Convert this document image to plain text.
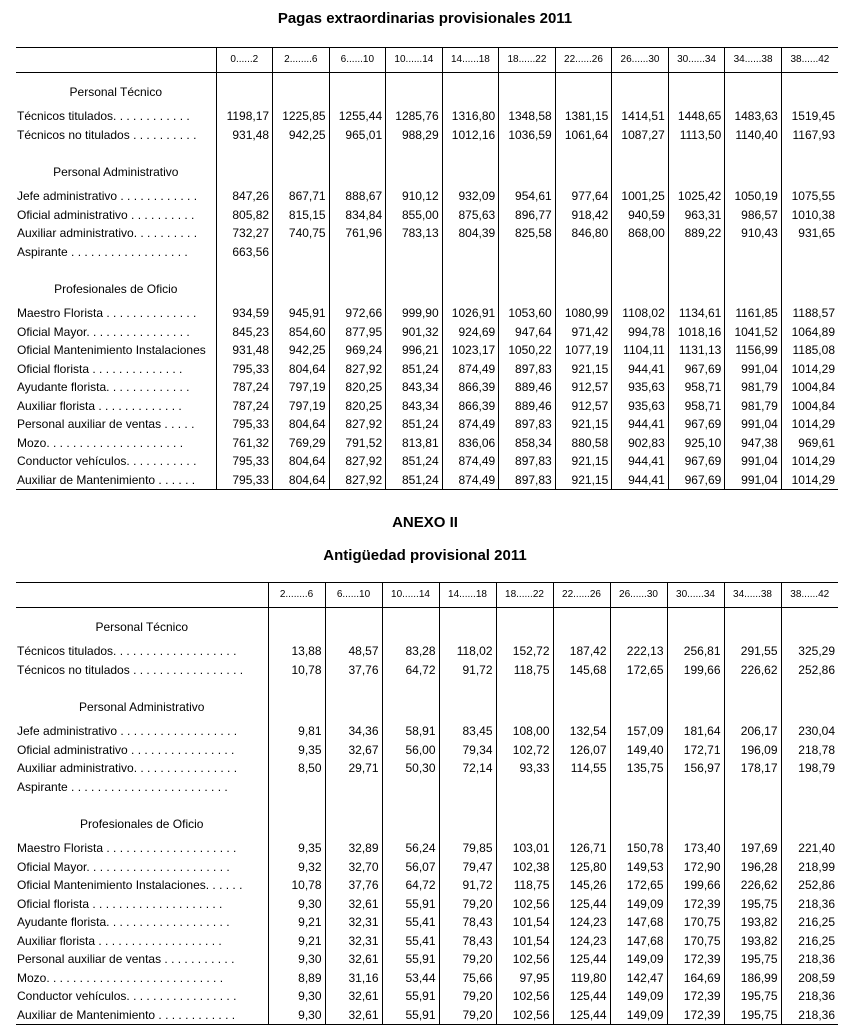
Pagas extraordinarias provisionales 2011
	0......2	2........6	6......10	10......14	14......18	18......22	22......26	26......30	30......34	34......38	38......42

Personal Técnico											

Técnicos titulados. . . . . . . . . . . .	1198,17	1225,85	1255,44	1285,76	1316,80	1348,58	1381,15	1414,51	1448,65	1483,63	1519,45
Técnicos no titulados . . . . . . . . . .	931,48	942,25	965,01	988,29	1012,16	1036,59	1061,64	1087,27	1113,50	1140,40	1167,93

Personal Administrativo											

Jefe administrativo . . . . . . . . . . . .	847,26	867,71	888,67	910,12	932,09	954,61	977,64	1001,25	1025,42	1050,19	1075,55
Oficial administrativo . . . . . . . . . .	805,82	815,15	834,84	855,00	875,63	896,77	918,42	940,59	963,31	986,57	1010,38
Auxiliar administrativo. . . . . . . . . .	732,27	740,75	761,96	783,13	804,39	825,58	846,80	868,00	889,22	910,43	931,65
Aspirante . . . . . . . . . . . . . . . . . .	663,56										

Profesionales de Oficio											

Maestro Florista . . . . . . . . . . . . . .	934,59	945,91	972,66	999,90	1026,91	1053,60	1080,99	1108,02	1134,61	1161,85	1188,57
Oficial Mayor. . . . . . . . . . . . . . . .	845,23	854,60	877,95	901,32	924,69	947,64	971,42	994,78	1018,16	1041,52	1064,89
Oficial Mantenimiento Instalaciones	931,48	942,25	969,24	996,21	1023,17	1050,22	1077,19	1104,11	1131,13	1156,99	1185,08
Oficial florista . . . . . . . . . . . . . .	795,33	804,64	827,92	851,24	874,49	897,83	921,15	944,41	967,69	991,04	1014,29
Ayudante florista. . . . . . . . . . . . .	787,24	797,19	820,25	843,34	866,39	889,46	912,57	935,63	958,71	981,79	1004,84
Auxiliar florista . . . . . . . . . . . . .	787,24	797,19	820,25	843,34	866,39	889,46	912,57	935,63	958,71	981,79	1004,84
Personal auxiliar de ventas . . . . .	795,33	804,64	827,92	851,24	874,49	897,83	921,15	944,41	967,69	991,04	1014,29
Mozo. . . . . . . . . . . . . . . . . . . . .	761,32	769,29	791,52	813,81	836,06	858,34	880,58	902,83	925,10	947,38	969,61
Conductor vehículos. . . . . . . . . . .	795,33	804,64	827,92	851,24	874,49	897,83	921,15	944,41	967,69	991,04	1014,29
Auxiliar de Mantenimiento . . . . . .	795,33	804,64	827,92	851,24	874,49	897,83	921,15	944,41	967,69	991,04	1014,29
ANEXO II
Antigüedad provisional 2011
	2........6	6......10	10......14	14......18	18......22	22......26	26......30	30......34	34......38	38......42

Personal Técnico										

Técnicos titulados. . . . . . . . . . . . . . . . . . .	13,88	48,57	83,28	118,02	152,72	187,42	222,13	256,81	291,55	325,29
Técnicos no titulados . . . . . . . . . . . . . . . . .	10,78	37,76	64,72	91,72	118,75	145,68	172,65	199,66	226,62	252,86

Personal Administrativo										

Jefe administrativo . . . . . . . . . . . . . . . . . .	9,81	34,36	58,91	83,45	108,00	132,54	157,09	181,64	206,17	230,04
Oficial administrativo . . . . . . . . . . . . . . . .	9,35	32,67	56,00	79,34	102,72	126,07	149,40	172,71	196,09	218,78
Auxiliar administrativo. . . . . . . . . . . . . . . .	8,50	29,71	50,30	72,14	93,33	114,55	135,75	156,97	178,17	198,79
Aspirante . . . . . . . . . . . . . . . . . . . . . . . .										

Profesionales de Oficio										

Maestro Florista . . . . . . . . . . . . . . . . . . . .	9,35	32,89	56,24	79,85	103,01	126,71	150,78	173,40	197,69	221,40
Oficial Mayor. . . . . . . . . . . . . . . . . . . . . .	9,32	32,70	56,07	79,47	102,38	125,80	149,53	172,90	196,28	218,99
Oficial Mantenimiento Instalaciones. . . . . .	10,78	37,76	64,72	91,72	118,75	145,26	172,65	199,66	226,62	252,86
Oficial florista . . . . . . . . . . . . . . . . . . . .	9,30	32,61	55,91	79,20	102,56	125,44	149,09	172,39	195,75	218,36
Ayudante florista. . . . . . . . . . . . . . . . . . .	9,21	32,31	55,41	78,43	101,54	124,23	147,68	170,75	193,82	216,25
Auxiliar florista . . . . . . . . . . . . . . . . . . .	9,21	32,31	55,41	78,43	101,54	124,23	147,68	170,75	193,82	216,25
Personal auxiliar de ventas . . . . . . . . . . .	9,30	32,61	55,91	79,20	102,56	125,44	149,09	172,39	195,75	218,36
Mozo. . . . . . . . . . . . . . . . . . . . . . . . . . .	8,89	31,16	53,44	75,66	97,95	119,80	142,47	164,69	186,99	208,59
Conductor vehículos. . . . . . . . . . . . . . . . .	9,30	32,61	55,91	79,20	102,56	125,44	149,09	172,39	195,75	218,36
Auxiliar de Mantenimiento . . . . . . . . . . . .	9,30	32,61	55,91	79,20	102,56	125,44	149,09	172,39	195,75	218,36
